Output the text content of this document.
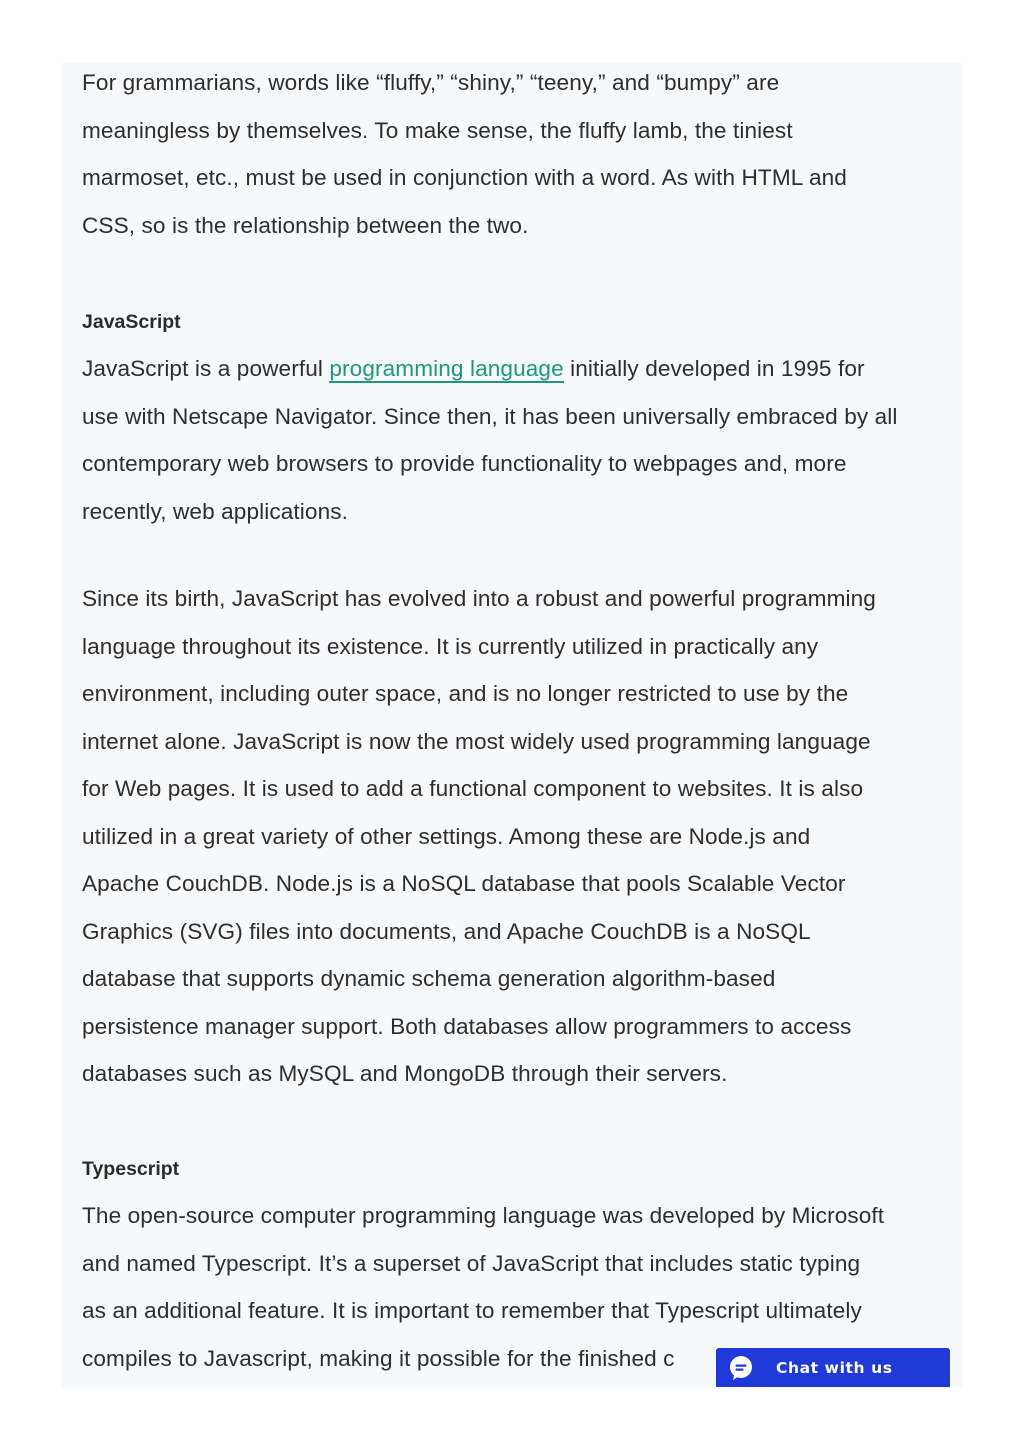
For grammarians, words like “fluffy,” “shiny,” “teeny,” and “bumpy” are
meaningless by themselves. To make sense, the fluffy lamb, the tiniest
marmoset, etc., must be used in conjunction with a word. As with HTML and
CSS, so is the relationship between the two.

JavaScript

JavaScript is a powerful programming language initially developed in 1995 for
use with Netscape Navigator. Since then, it has been universally embraced by all
contemporary web browsers to provide functionality to webpages and, more
recently, web applications.

Since its birth, JavaScript has evolved into a robust and powerful programming
language throughout its existence. It is currently utilized in practically any
environment, including outer space, and is no longer restricted to use by the
internet alone. JavaScript is now the most widely used programming language
for Web pages. It is used to add a functional component to websites. It is also
utilized in a great variety of other settings. Among these are Node.js and
Apache CouchDB. Node.js is a NoSQL database that pools Scalable Vector
Graphics (SVG) files into documents, and Apache CouchDB is a NoSQL
database that supports dynamic schema generation algorithm-based
persistence manager support. Both databases allow programmers to access
databases such as MySQL and MongoDB through their servers.

Typescript

The open-source computer programming language was developed by Microsoft
and named Typescript. It’s a superset of JavaScript that includes static typing
as an additional feature. It is important to remember that Typescript ultimately
compiles to Javascript, making it possible for the finished c	Chat with us
